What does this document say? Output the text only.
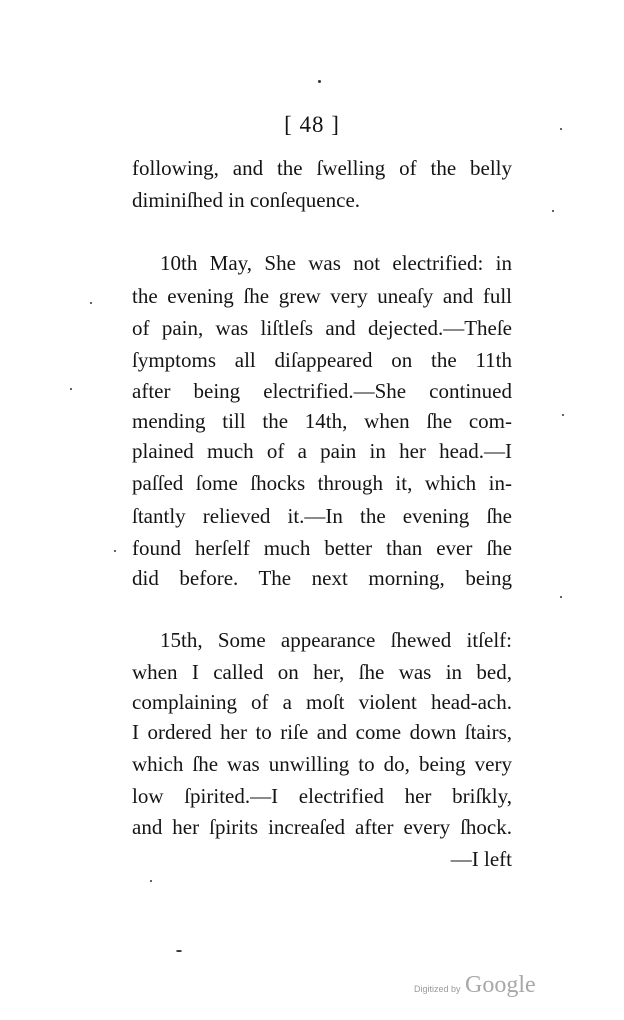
[ 48 ]
following, and the ſwelling of the belly
diminiſhed in conſequence.
10th May, She was not electrified: in
the evening ſhe grew very uneaſy and full
of pain, was liſtleſs and dejected.—Theſe
ſymptoms all diſappeared on the 11th
after being electrified.—She continued
mending till the 14th, when ſhe com-
plained much of a pain in her head.—I
paſſed ſome ſhocks through it, which in-
ſtantly relieved it.—In the evening ſhe
found herſelf much better than ever ſhe
did before. The next morning, being
15th, Some appearance ſhewed itſelf:
when I called on her, ſhe was in bed,
complaining of a moſt violent head-ach.
I ordered her to riſe and come down ſtairs,
which ſhe was unwilling to do, being very
low ſpirited.—I electrified her briſkly,
and her ſpirits increaſed after every ſhock.
—I left
Digitized by Google
